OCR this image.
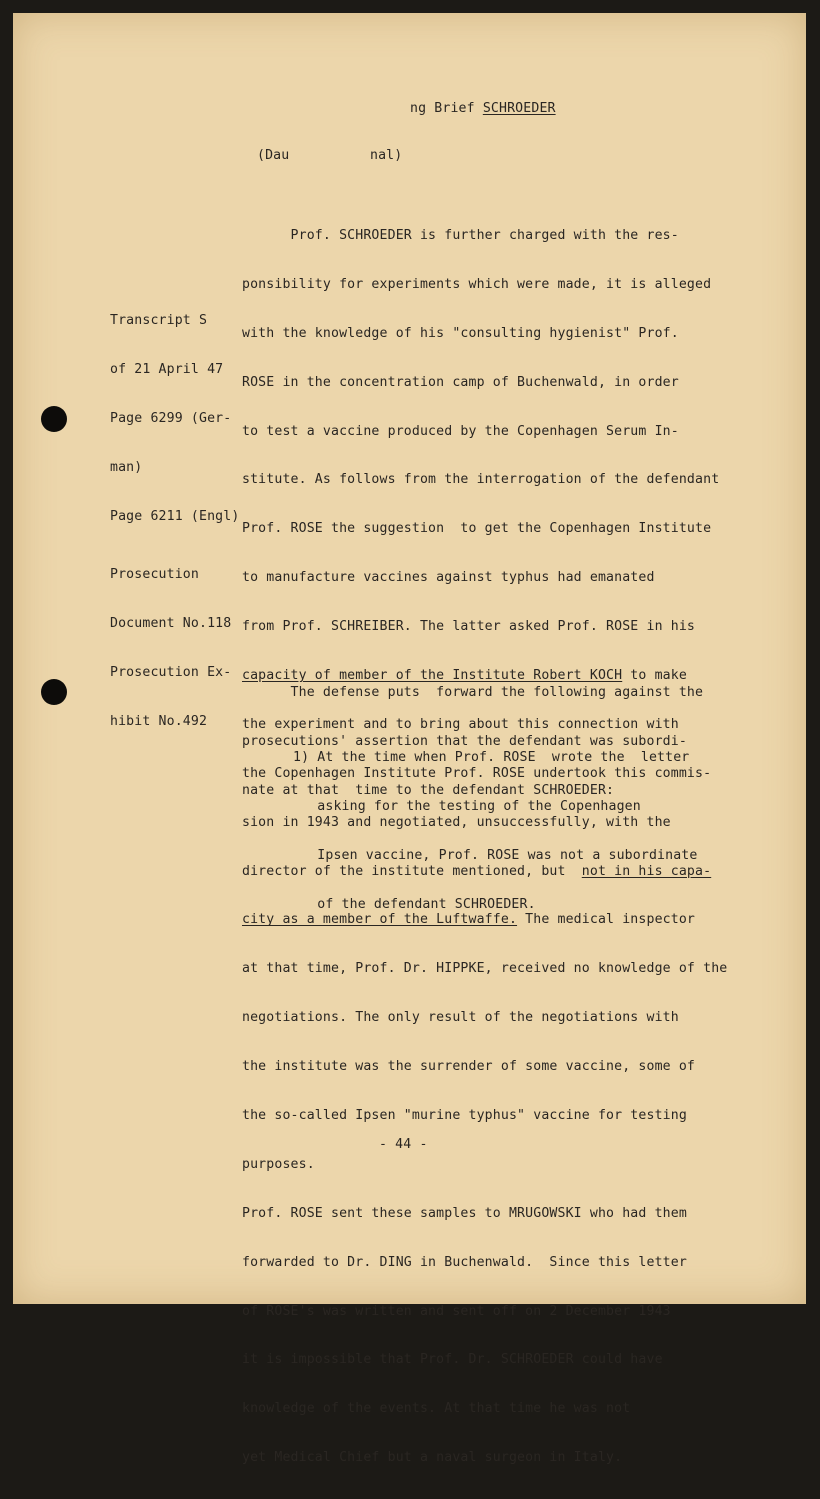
ng Brief SCHROEDER
(Dau	nal)

Transcript S

of 21 April 47

Page 6299 (Ger-

man)

Page 6211 (Engl)

Prosecution

Document No.118

Prosecution Ex-

hibit No.492

Prof. SCHROEDER is further charged with the res-

ponsibility for experiments which were made, it is alleged

with the knowledge of his "consulting hygienist" Prof.

ROSE in the concentration camp of Buchenwald, in order

to test a vaccine produced by the Copenhagen Serum In-

stitute. As follows from the interrogation of the defendant

Prof. ROSE the suggestion  to get the Copenhagen Institute

to manufacture vaccines against typhus had emanated

from Prof. SCHREIBER. The latter asked Prof. ROSE in his

capacity of member of the Institute Robert KOCH to make

the experiment and to bring about this connection with

the Copenhagen Institute Prof. ROSE undertook this commis-

sion in 1943 and negotiated, unsuccessfully, with the

director of the institute mentioned, but  not in his capa-

city as a member of the Luftwaffe. The medical inspector

at that time, Prof. Dr. HIPPKE, received no knowledge of the

negotiations. The only result of the negotiations with

the institute was the surrender of some vaccine, some of

the so-called Ipsen "murine typhus" vaccine for testing

purposes.

Prof. ROSE sent these samples to MRUGOWSKI who had them

forwarded to Dr. DING in Buchenwald.  Since this letter

of ROSE's was written and sent off on 2 December 1943

it is impossible that Prof. Dr. SCHROEDER could have

knowledge of the events. At that time he was not

yet Medical Chief but a naval surgeon in Italy.

The defense puts  forward the following against the

prosecutions' assertion that the defendant was subordi-

nate at that  time to the defendant SCHROEDER:

1) At the time when Prof. ROSE  wrote the  letter

asking for the testing of the Copenhagen

Ipsen vaccine, Prof. ROSE was not a subordinate

of the defendant SCHROEDER.

- 44 -
